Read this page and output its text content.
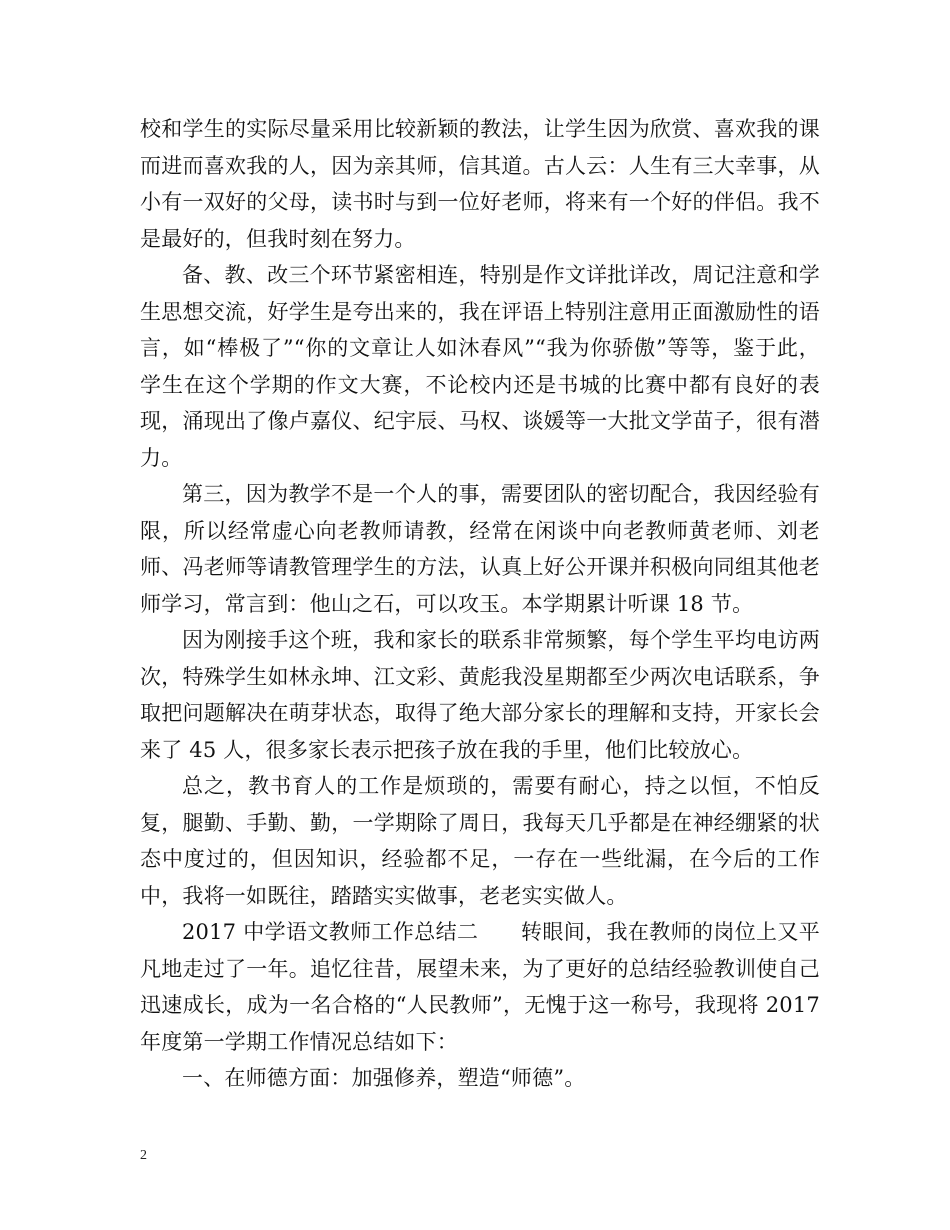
校和学生的实际尽量采用比较新颖的教法，让学生因为欣赏、喜欢我的课而进而喜欢我的人，因为亲其师，信其道。古人云：人生有三大幸事，从小有一双好的父母，读书时与到一位好老师，将来有一个好的伴侣。我不是最好的，但我时刻在努力。

备、教、改三个环节紧密相连，特别是作文详批详改，周记注意和学生思想交流，好学生是夸出来的，我在评语上特别注意用正面激励性的语言，如“棒极了”“你的文章让人如沐春风”“我为你骄傲”等等，鉴于此，学生在这个学期的作文大赛，不论校内还是书城的比赛中都有良好的表现，涌现出了像卢嘉仪、纪宇辰、马权、谈媛等一大批文学苗子，很有潜力。

第三，因为教学不是一个人的事，需要团队的密切配合，我因经验有限，所以经常虚心向老教师请教，经常在闲谈中向老教师黄老师、刘老师、冯老师等请教管理学生的方法，认真上好公开课并积极向同组其他老师学习，常言到：他山之石，可以攻玉。本学期累计听课 18 节。

因为刚接手这个班，我和家长的联系非常频繁，每个学生平均电访两次，特殊学生如林永坤、江文彩、黄彪我没星期都至少两次电话联系，争取把问题解决在萌芽状态，取得了绝大部分家长的理解和支持，开家长会来了 45 人，很多家长表示把孩子放在我的手里，他们比较放心。

总之，教书育人的工作是烦琐的，需要有耐心，持之以恒，不怕反复，腿勤、手勤、勤，一学期除了周日，我每天几乎都是在神经绷紧的状态中度过的，但因知识，经验都不足，一存在一些纰漏，在今后的工作中，我将一如既往，踏踏实实做事，老老实实做人。

2017 中学语文教师工作总结二　　转眼间，我在教师的岗位上又平凡地走过了一年。追忆往昔，展望未来，为了更好的总结经验教训使自己迅速成长，成为一名合格的“人民教师”，无愧于这一称号，我现将 2017 年度第一学期工作情况总结如下：

一、在师德方面：加强修养，塑造“师德”。

2
